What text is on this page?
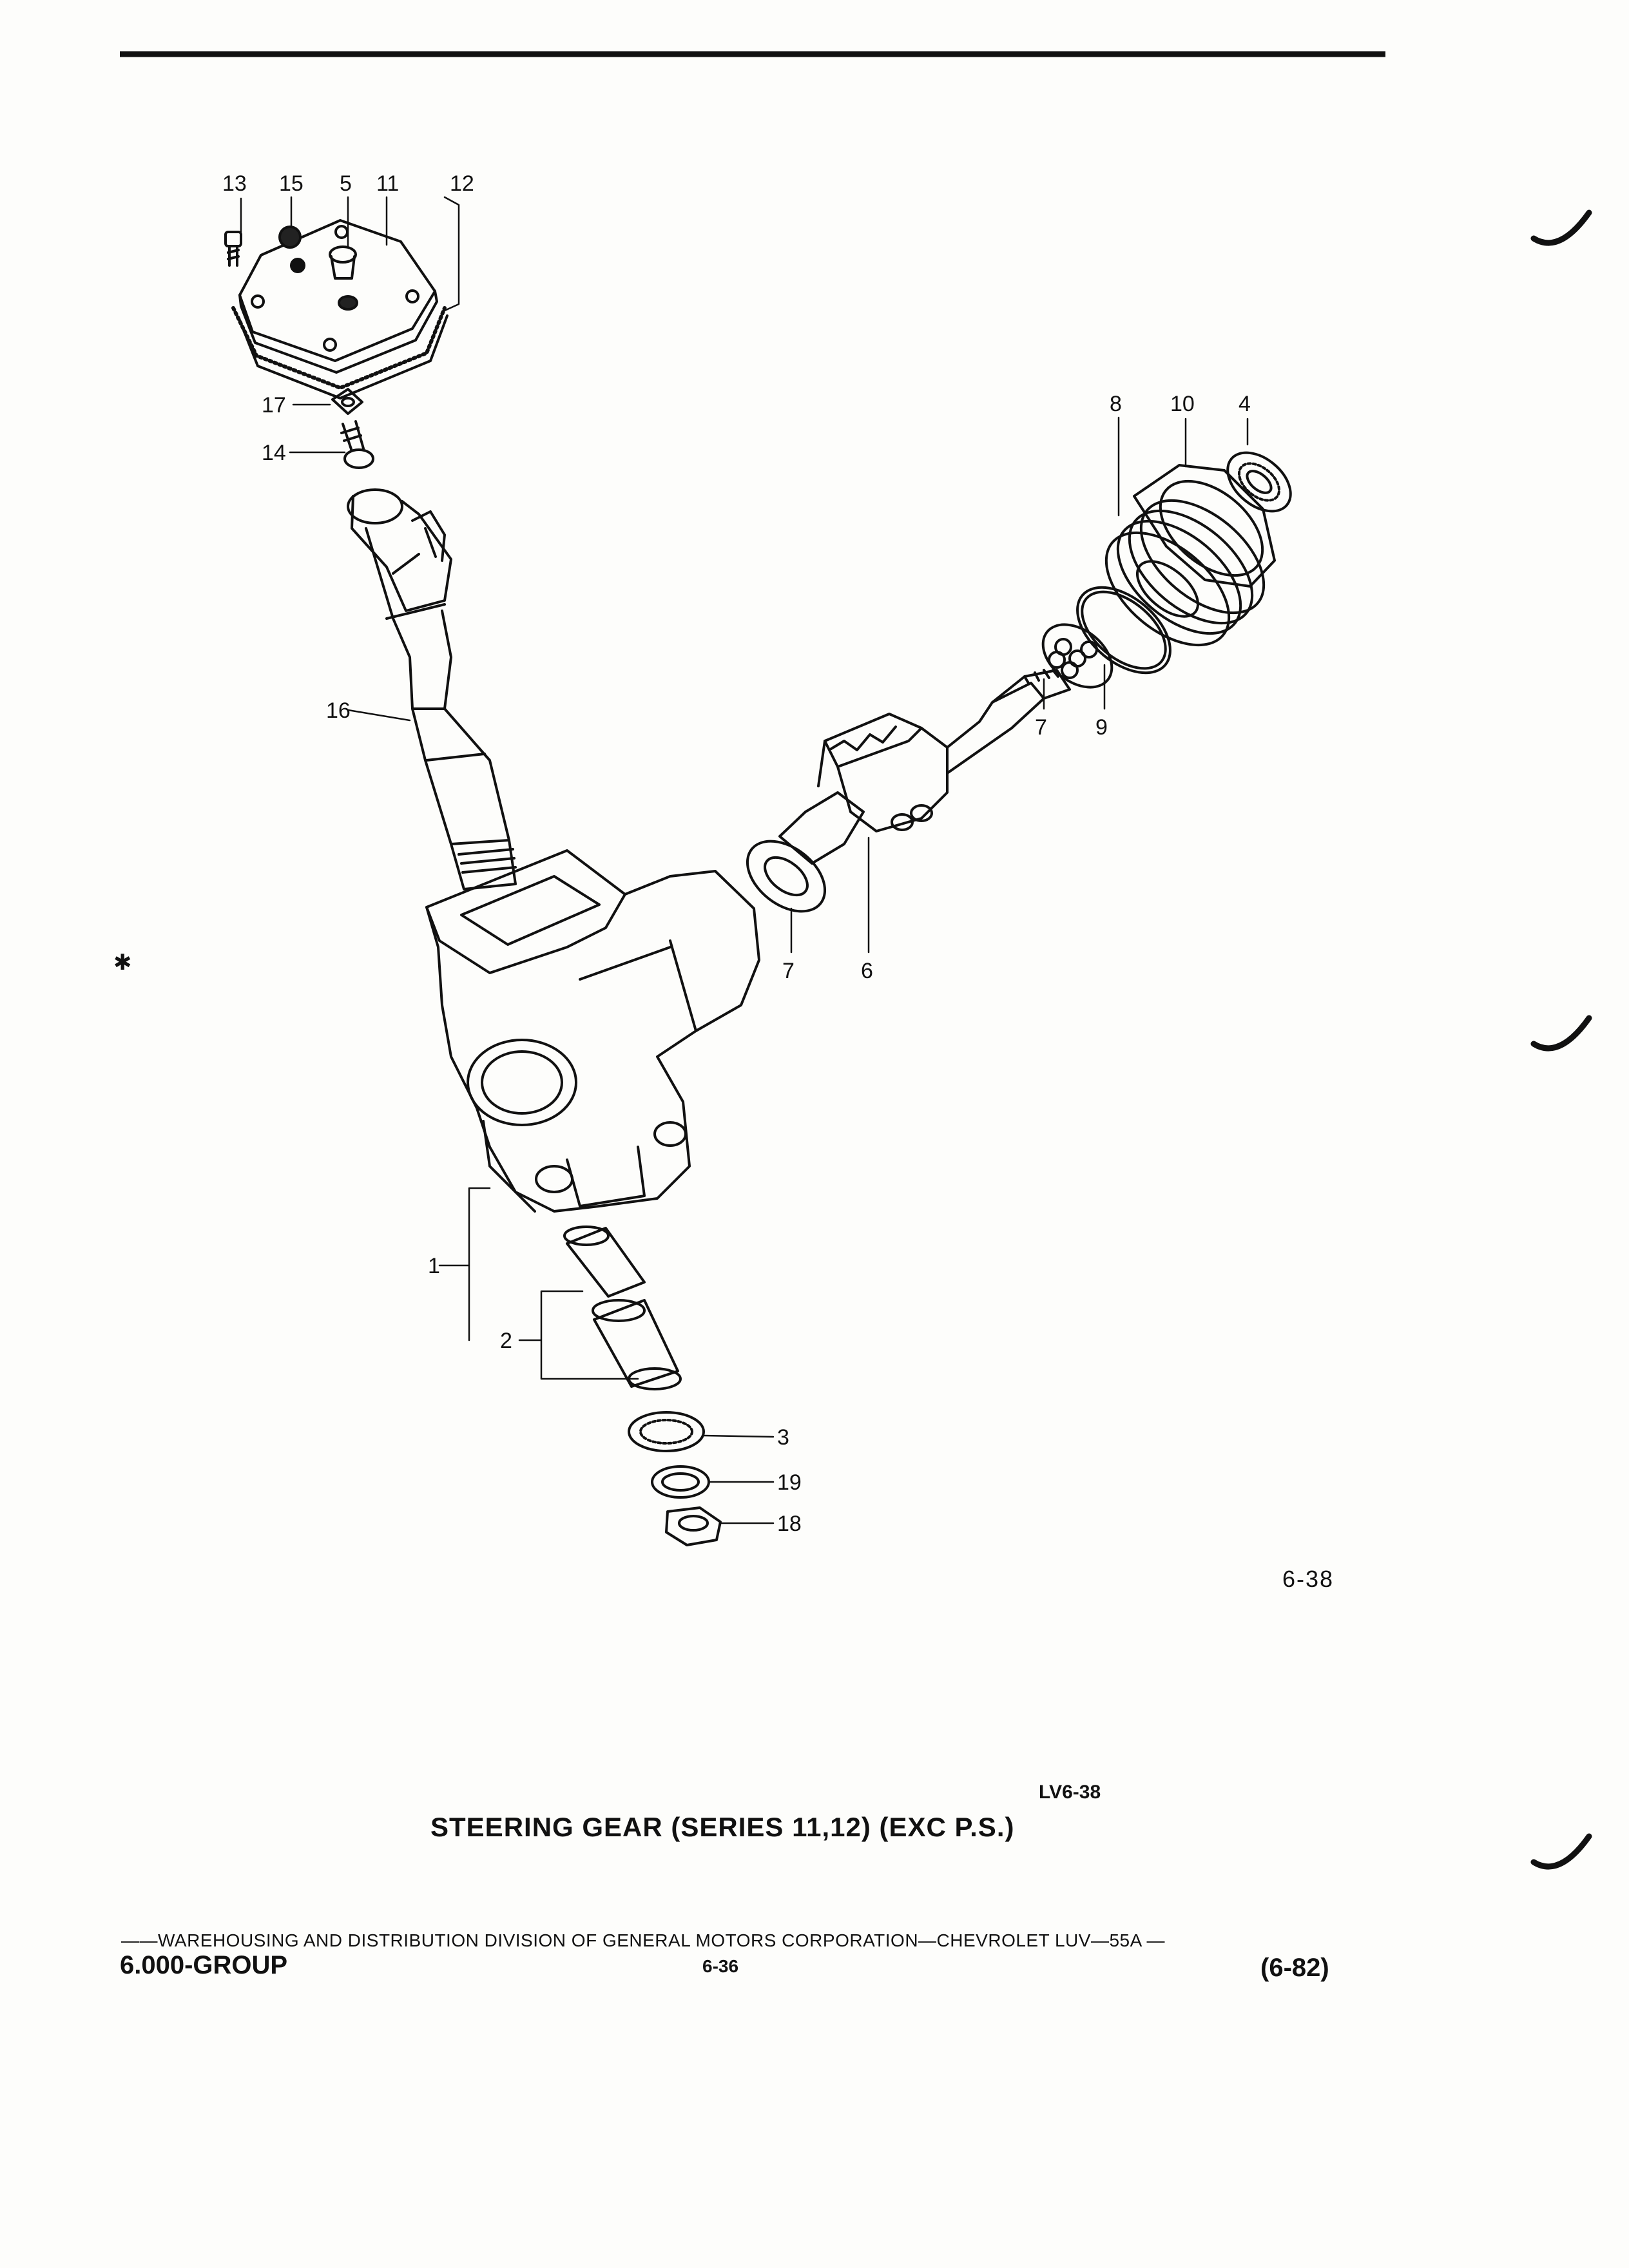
✱
13 15 5 11 12
17
14
16
1
2
3
19
18
7	6
7 9
8 10 4
6-38
LV6-38
STEERING GEAR (SERIES 11,12) (EXC P.S.)
——WAREHOUSING AND DISTRIBUTION DIVISION OF GENERAL MOTORS CORPORATION—CHEVROLET LUV—55A —
6.000-GROUP	6-36	(6-82)
